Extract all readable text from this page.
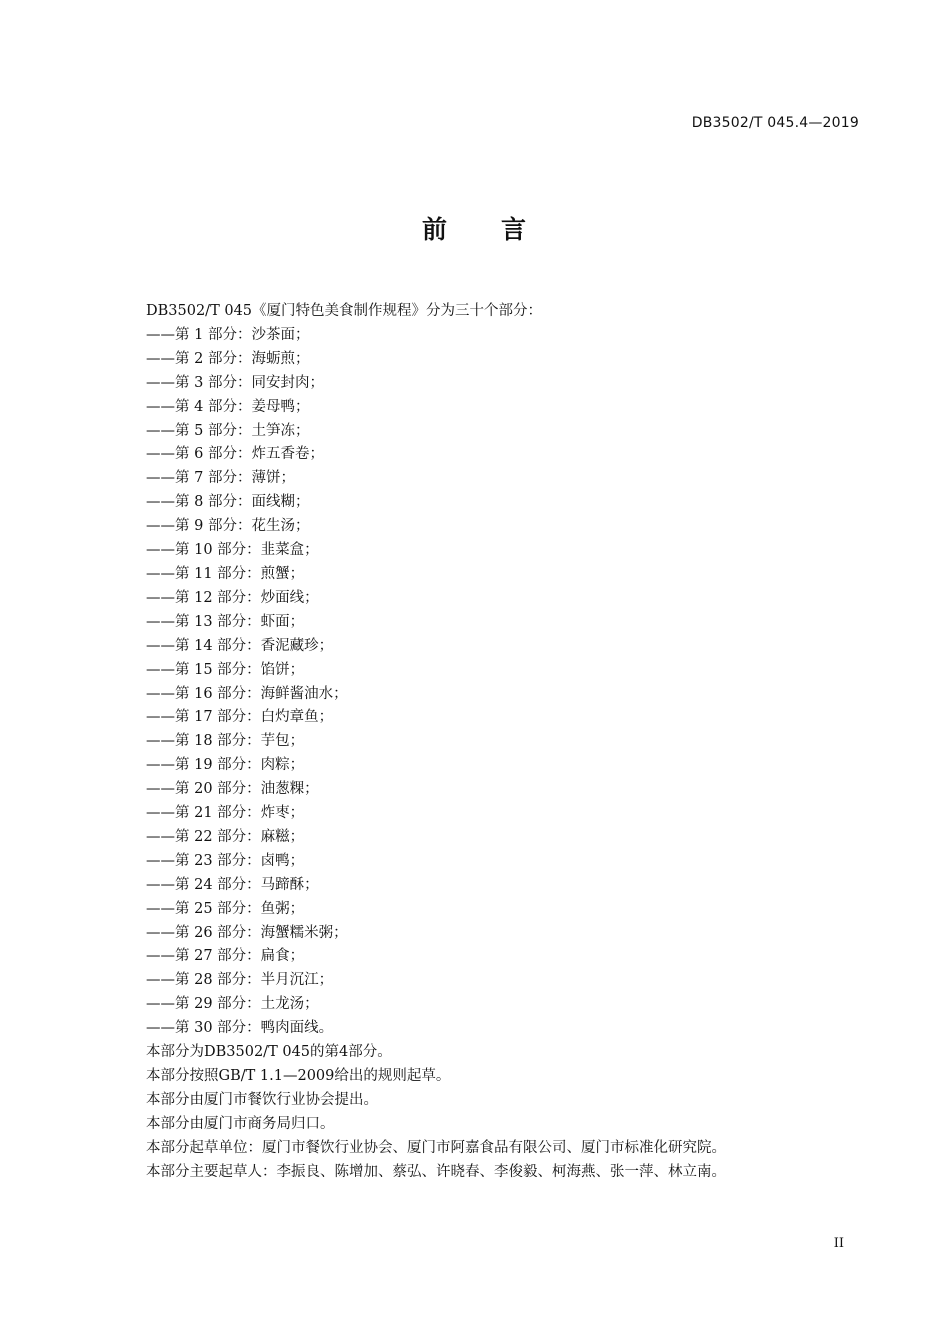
DB3502/T 045.4—2019
前 言
DB3502/T 045《厦门特色美食制作规程》分为三十个部分：
——第 1 部分：沙茶面；
——第 2 部分：海蛎煎；
——第 3 部分：同安封肉；
——第 4 部分：姜母鸭；
——第 5 部分：土笋冻；
——第 6 部分：炸五香卷；
——第 7 部分：薄饼；
——第 8 部分：面线糊；
——第 9 部分：花生汤；
——第 10 部分：韭菜盒；
——第 11 部分：煎蟹；
——第 12 部分：炒面线；
——第 13 部分：虾面；
——第 14 部分：香泥藏珍；
——第 15 部分：馅饼；
——第 16 部分：海鲜酱油水；
——第 17 部分：白灼章鱼；
——第 18 部分：芋包；
——第 19 部分：肉粽；
——第 20 部分：油葱粿；
——第 21 部分：炸枣；
——第 22 部分：麻糍；
——第 23 部分：卤鸭；
——第 24 部分：马蹄酥；
——第 25 部分：鱼粥；
——第 26 部分：海蟹糯米粥；
——第 27 部分：扁食；
——第 28 部分：半月沉江；
——第 29 部分：土龙汤；
——第 30 部分：鸭肉面线。
本部分为DB3502/T 045的第4部分。
本部分按照GB/T 1.1—2009给出的规则起草。
本部分由厦门市餐饮行业协会提出。
本部分由厦门市商务局归口。
本部分起草单位：厦门市餐饮行业协会、厦门市阿嘉食品有限公司、厦门市标准化研究院。
本部分主要起草人：李振良、陈增加、蔡弘、许晓春、李俊毅、柯海燕、张一萍、林立南。
II
